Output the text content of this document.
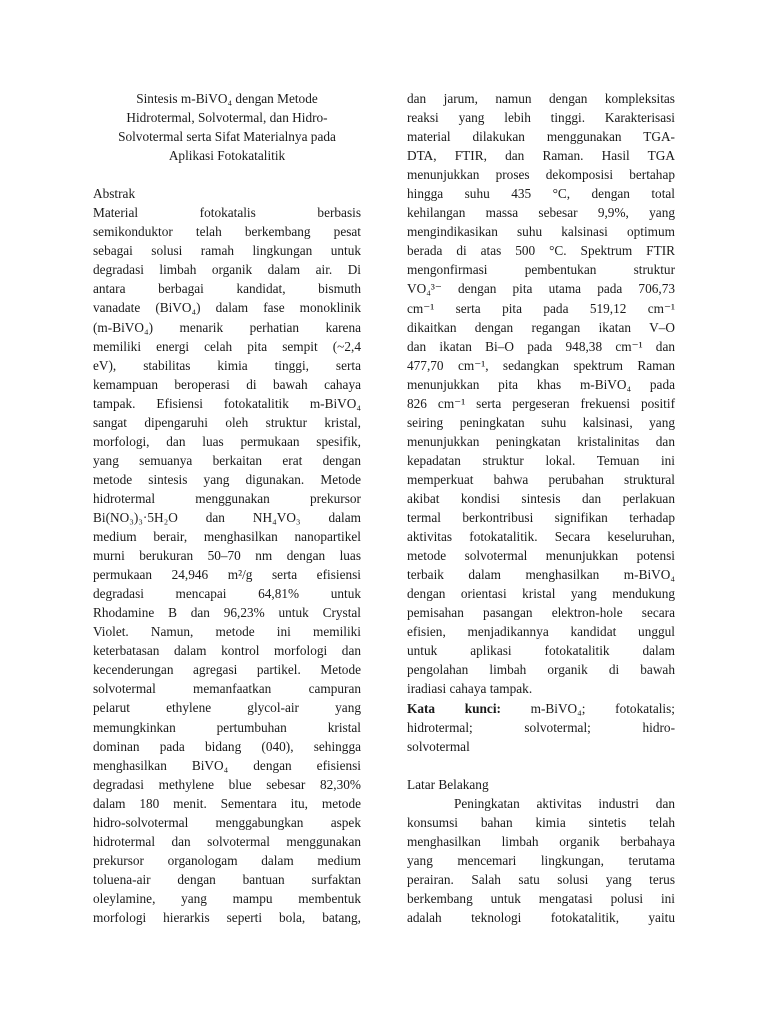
Sintesis m-BiVO₄ dengan Metode
Hidrotermal, Solvotermal, dan Hidro-
Solvotermal serta Sifat Materialnya pada
Aplikasi Fotokatalitik
Abstrak
Material fotokatalis berbasis
semikonduktor telah berkembang pesat
sebagai solusi ramah lingkungan untuk
degradasi limbah organik dalam air. Di
antara berbagai kandidat, bismuth
vanadate (BiVO₄) dalam fase monoklinik
(m-BiVO₄) menarik perhatian karena
memiliki energi celah pita sempit (~2,4
eV), stabilitas kimia tinggi, serta
kemampuan beroperasi di bawah cahaya
tampak. Efisiensi fotokatalitik m-BiVO₄
sangat dipengaruhi oleh struktur kristal,
morfologi, dan luas permukaan spesifik,
yang semuanya berkaitan erat dengan
metode sintesis yang digunakan. Metode
hidrotermal menggunakan prekursor
Bi(NO₃)₃·5H₂O dan NH₄VO₃ dalam
medium berair, menghasilkan nanopartikel
murni berukuran 50–70 nm dengan luas
permukaan 24,946 m²/g serta efisiensi
degradasi mencapai 64,81% untuk
Rhodamine B dan 96,23% untuk Crystal
Violet. Namun, metode ini memiliki
keterbatasan dalam kontrol morfologi dan
kecenderungan agregasi partikel. Metode
solvotermal memanfaatkan campuran
pelarut ethylene glycol-air yang
memungkinkan pertumbuhan kristal
dominan pada bidang (040), sehingga
menghasilkan BiVO₄ dengan efisiensi
degradasi methylene blue sebesar 82,30%
dalam 180 menit. Sementara itu, metode
hidro-solvotermal menggabungkan aspek
hidrotermal dan solvotermal menggunakan
prekursor organologam dalam medium
toluena-air dengan bantuan surfaktan
oleylamine, yang mampu membentuk
morfologi hierarkis seperti bola, batang,
dan jarum, namun dengan kompleksitas
reaksi yang lebih tinggi. Karakterisasi
material dilakukan menggunakan TGA-
DTA, FTIR, dan Raman. Hasil TGA
menunjukkan proses dekomposisi bertahap
hingga suhu 435 °C, dengan total
kehilangan massa sebesar 9,9%, yang
mengindikasikan suhu kalsinasi optimum
berada di atas 500 °C. Spektrum FTIR
mengonfirmasi pembentukan struktur
VO₄³⁻ dengan pita utama pada 706,73
cm⁻¹ serta pita pada 519,12 cm⁻¹
dikaitkan dengan regangan ikatan V–O
dan ikatan Bi–O pada 948,38 cm⁻¹ dan
477,70 cm⁻¹, sedangkan spektrum Raman
menunjukkan pita khas m-BiVO₄ pada
826 cm⁻¹ serta pergeseran frekuensi positif
seiring peningkatan suhu kalsinasi, yang
menunjukkan peningkatan kristalinitas dan
kepadatan struktur lokal. Temuan ini
memperkuat bahwa perubahan struktural
akibat kondisi sintesis dan perlakuan
termal berkontribusi signifikan terhadap
aktivitas fotokatalitik. Secara keseluruhan,
metode solvotermal menunjukkan potensi
terbaik dalam menghasilkan m-BiVO₄
dengan orientasi kristal yang mendukung
pemisahan pasangan elektron-hole secara
efisien, menjadikannya kandidat unggul
untuk aplikasi fotokatalitik dalam
pengolahan limbah organik di bawah
iradiasi cahaya tampak.
Kata kunci: m-BiVO₄; fotokatalis;
hidrotermal; solvotermal; hidro-
solvotermal
Latar Belakang
Peningkatan aktivitas industri dan
konsumsi bahan kimia sintetis telah
menghasilkan limbah organik berbahaya
yang mencemari lingkungan, terutama
perairan. Salah satu solusi yang terus
berkembang untuk mengatasi polusi ini
adalah teknologi fotokatalitik, yaitu
